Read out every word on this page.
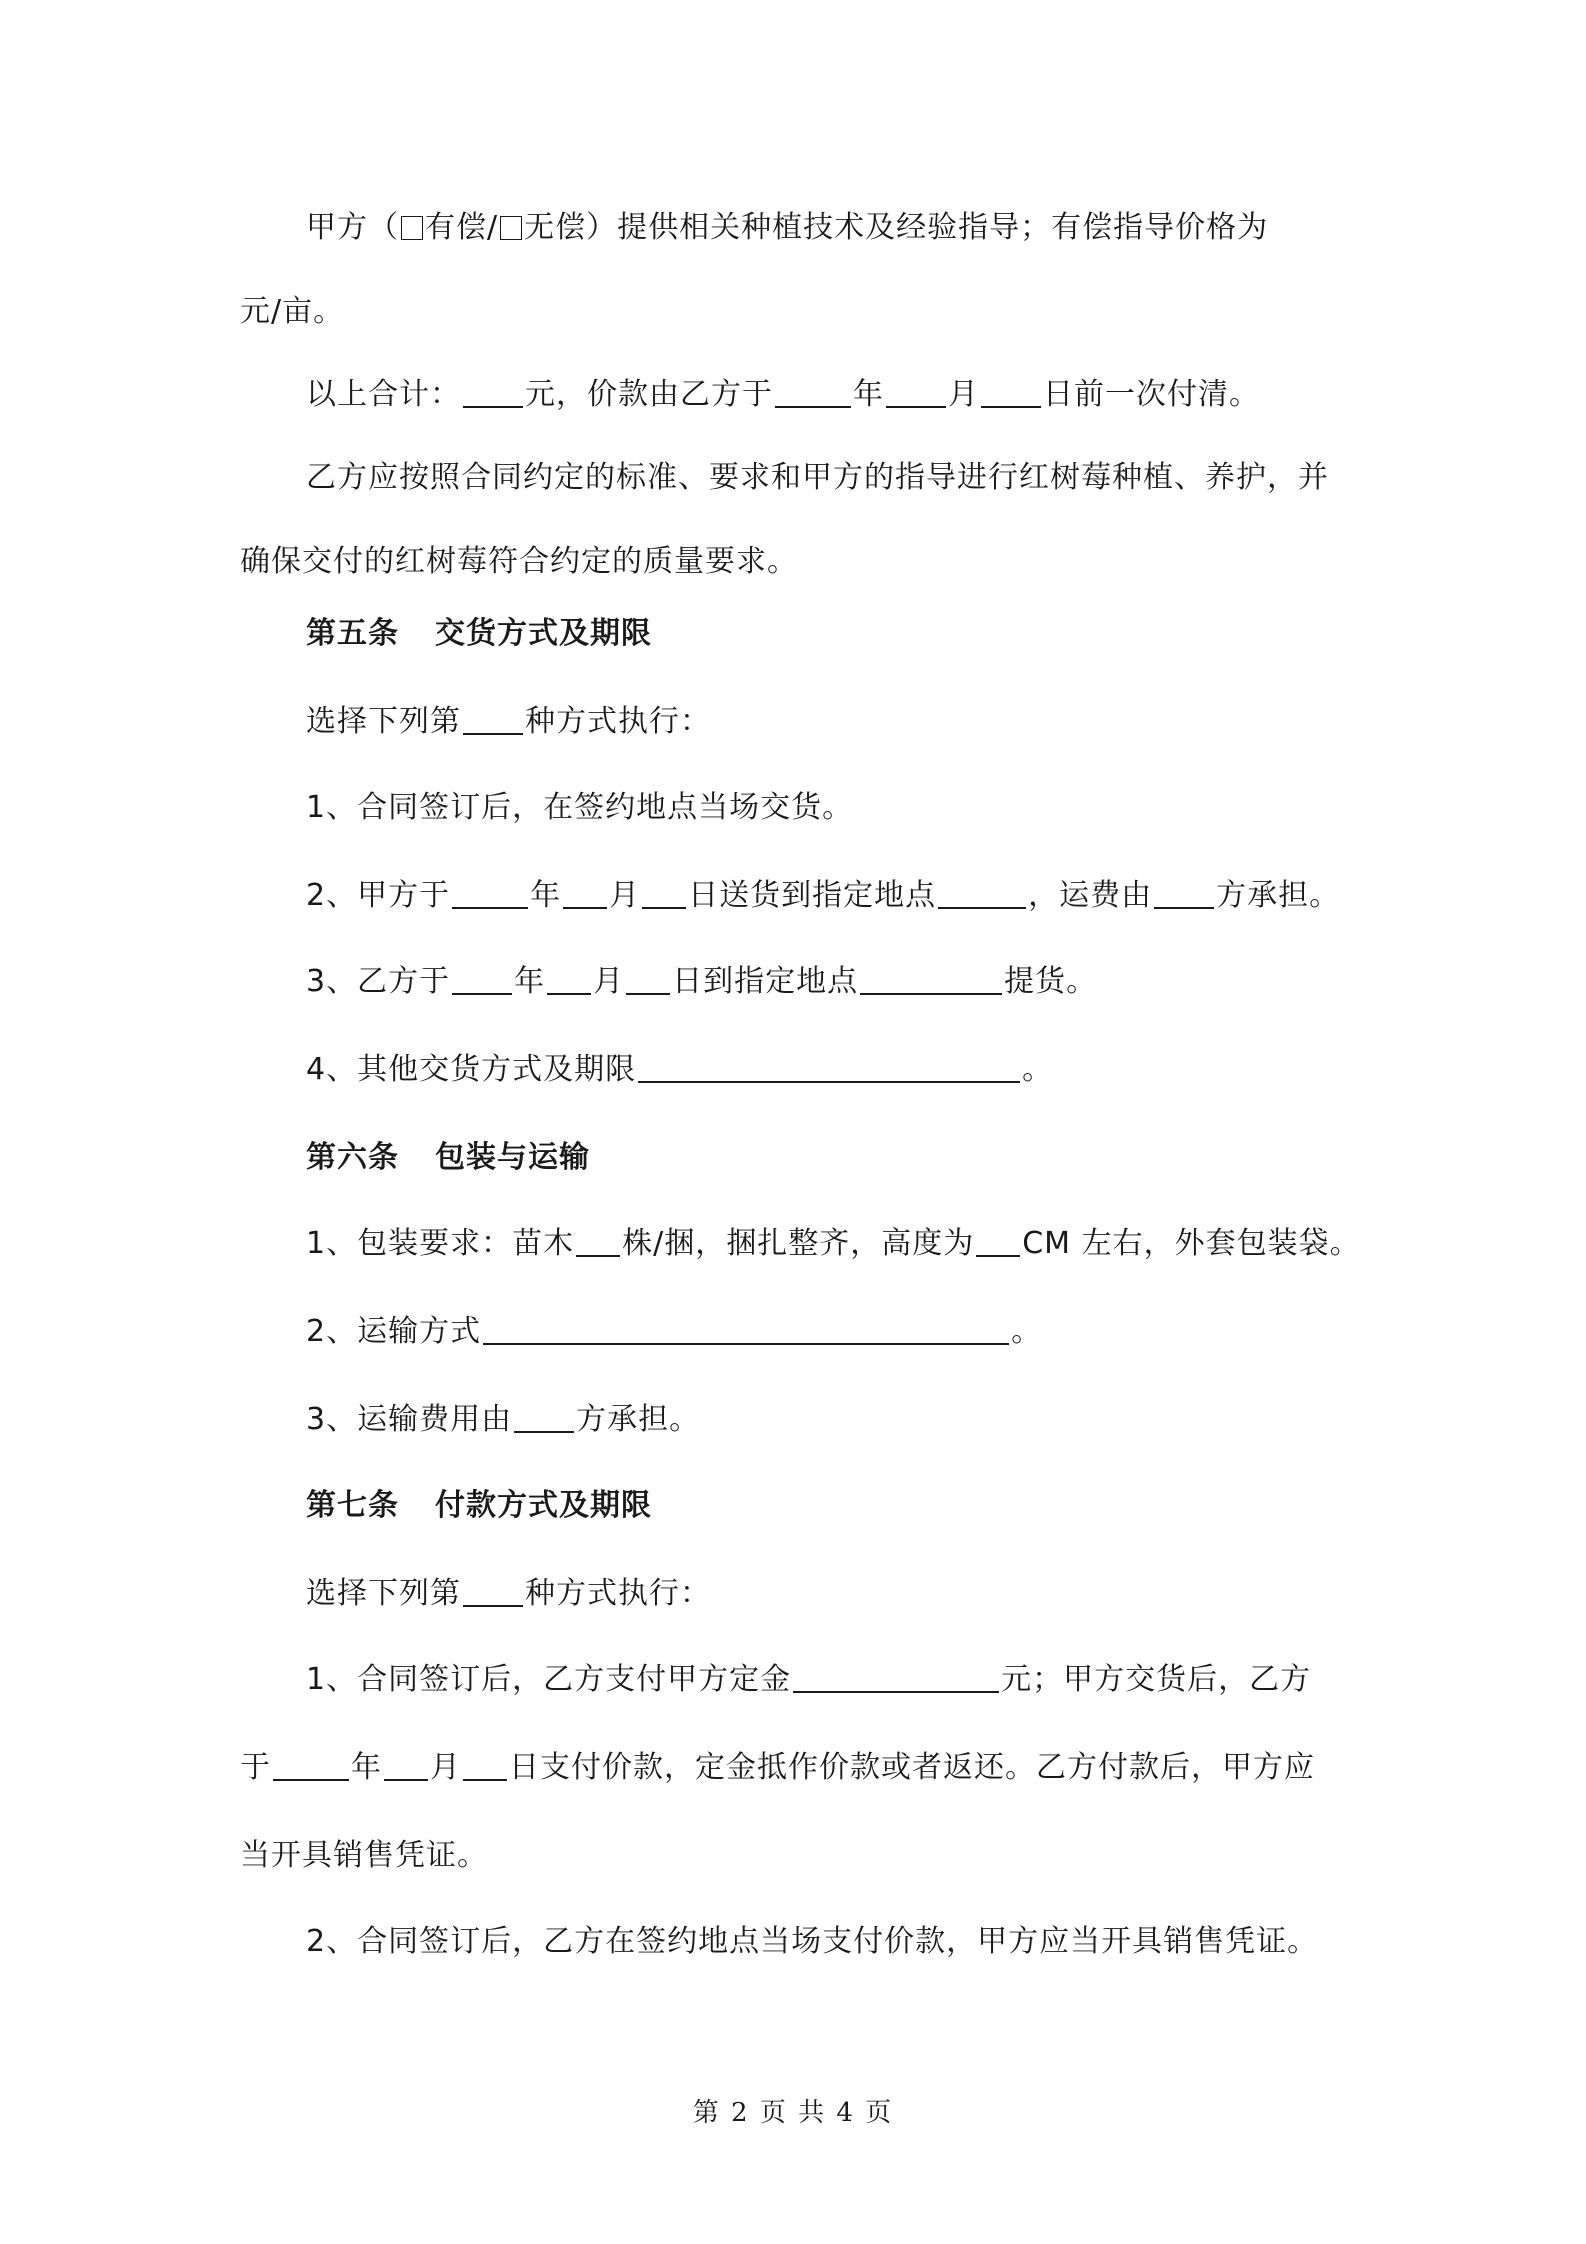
甲方（ 有偿/ 无偿）提供相关种植技术及经验指导；有偿指导价格为
元/亩。
以上合计： 元，价款由乙方于	年 月 日前一次付清。
乙方应按照合同约定的标准、要求和甲方的指导进行红树莓种植、养护，并
确保交付的红树莓符合约定的质量要求。
第五条 交货方式及期限
选择下列第 种方式执行：
1、合同签订后，在签约地点当场交货。
2、甲方于	年 月 日送货到指定地点	，运费由 方承担。
3、乙方于 年 月 日到指定地点	提货。
4、其他交货方式及期限	。
第六条 包装与运输
1、包装要求：苗木 株/捆，捆扎整齐，高度为 CM 左右，外套包装袋。
2、运输方式	。
3、运输费用由 方承担。
第七条 付款方式及期限
选择下列第 种方式执行：
1、合同签订后，乙方支付甲方定金	元；甲方交货后，乙方
于	年 月 日支付价款，定金抵作价款或者返还。乙方付款后，甲方应
当开具销售凭证。
2、合同签订后，乙方在签约地点当场支付价款，甲方应当开具销售凭证。
第 2 页 共 4 页
